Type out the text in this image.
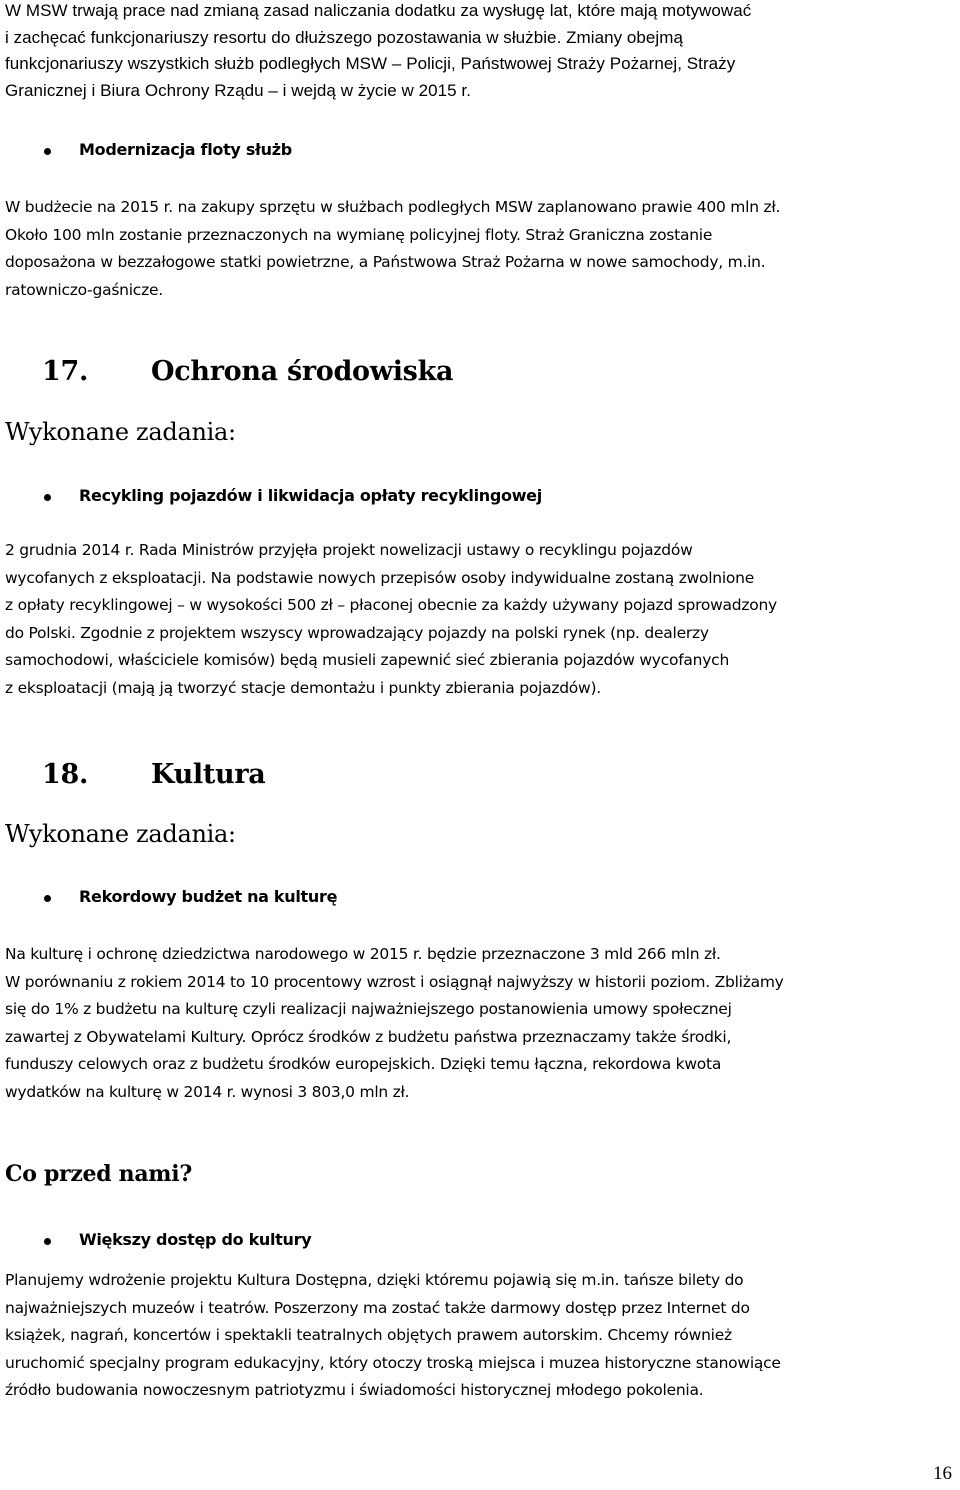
W MSW trwają prace nad zmianą zasad naliczania dodatku za wysługę lat, które mają motywować

i zachęcać funkcjonariuszy resortu do dłuższego pozostawania w służbie. Zmiany obejmą

funkcjonariuszy wszystkich służb podległych MSW – Policji, Państwowej Straży Pożarnej, Straży

Granicznej i Biura Ochrony Rządu – i wejdą w życie w 2015 r.

Modernizacja floty służb

W budżecie na 2015 r. na zakupy sprzętu w służbach podległych MSW zaplanowano prawie 400 mln zł.

Około 100 mln zostanie przeznaczonych na wymianę policyjnej floty. Straż Graniczna zostanie

doposażona w bezzałogowe statki powietrzne, a Państwowa Straż Pożarna w nowe samochody, m.in.

ratowniczo-gaśnicze.

17. Ochrona środowiska
Wykonane zadania:
Recykling pojazdów i likwidacja opłaty recyklingowej

2 grudnia 2014 r. Rada Ministrów przyjęła projekt nowelizacji ustawy o recyklingu pojazdów

wycofanych z eksploatacji. Na podstawie nowych przepisów osoby indywidualne zostaną zwolnione

z opłaty recyklingowej – w wysokości 500 zł – płaconej obecnie za każdy używany pojazd sprowadzony

do Polski. Zgodnie z projektem wszyscy wprowadzający pojazdy na polski rynek (np. dealerzy

samochodowi, właściciele komisów) będą musieli zapewnić sieć zbierania pojazdów wycofanych

z eksploatacji (mają ją tworzyć stacje demontażu i punkty zbierania pojazdów).

18. Kultura
Wykonane zadania:
Rekordowy budżet na kulturę

Na kulturę i ochronę dziedzictwa narodowego w 2015 r. będzie przeznaczone 3 mld 266 mln zł.

W porównaniu z rokiem 2014 to 10 procentowy wzrost i osiągnął najwyższy w historii poziom. Zbliżamy

się do 1% z budżetu na kulturę czyli realizacji najważniejszego postanowienia umowy społecznej

zawartej z Obywatelami Kultury. Oprócz środków z budżetu państwa przeznaczamy także środki,

funduszy celowych oraz z budżetu środków europejskich. Dzięki temu łączna, rekordowa kwota

wydatków na kulturę w 2014 r. wynosi 3 803,0 mln zł.

Co przed nami?
Większy dostęp do kultury

Planujemy wdrożenie projektu Kultura Dostępna, dzięki któremu pojawią się m.in. tańsze bilety do

najważniejszych muzeów i teatrów. Poszerzony ma zostać także darmowy dostęp przez Internet do

książek, nagrań, koncertów i spektakli teatralnych objętych prawem autorskim. Chcemy również

uruchomić specjalny program edukacyjny, który otoczy troską miejsca i muzea historyczne stanowiące

źródło budowania nowoczesnym patriotyzmu i świadomości historycznej młodego pokolenia.

16
